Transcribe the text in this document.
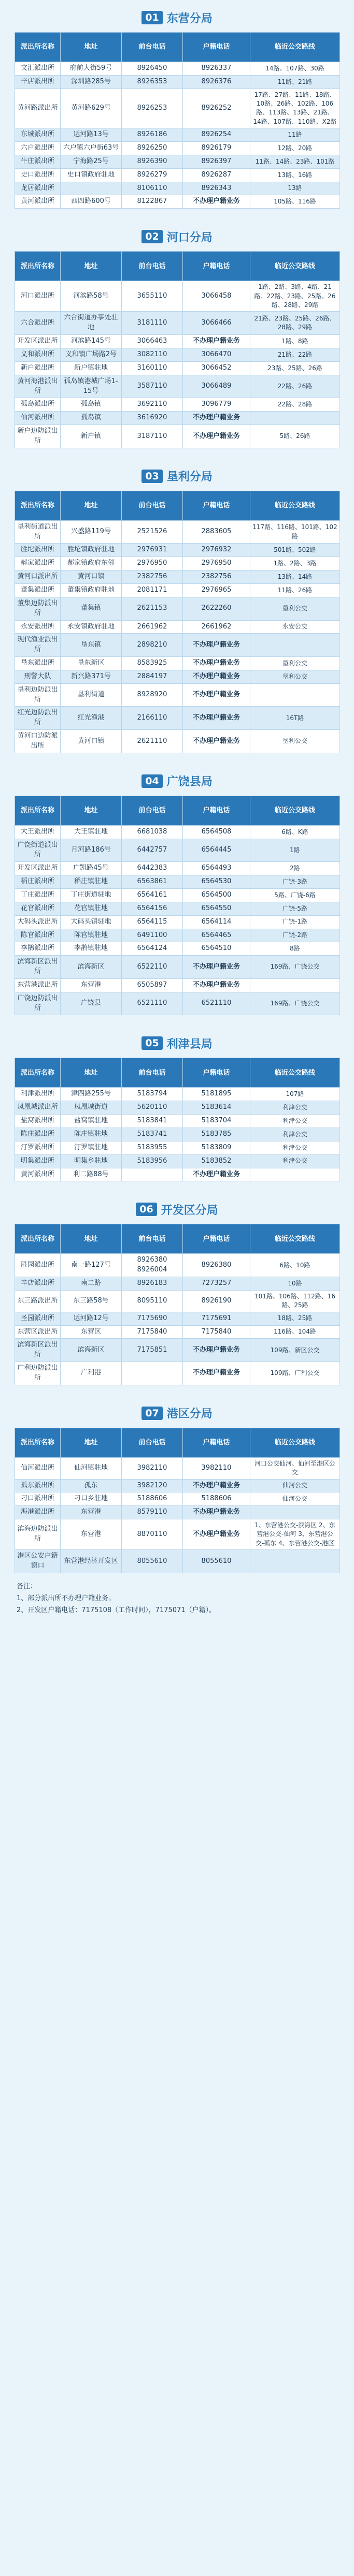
01 东营分局
派出所名称	地址	前台电话	户籍电话	临近公交路线
文汇派出所	府前大街59号	8926450	8926337	14路、107路、30路
辛店派出所	深圳路285号	8926353	8926376	11路、21路
黄河路派出所	黄河路629号	8926253	8926252	17路、27路、11路、18路、10路、26路、102路、106路、113路、13路、21路、14路、107路、110路、X2路
东城派出所	运河路13号	8926186	8926254	11路
六户派出所	六户镇六户街63号	8926250	8926179	12路、20路
牛庄派出所	宁海路25号	8926390	8926397	11路、14路、23路、101路
史口派出所	史口镇政府驻地	8926279	8926287	13路、16路
龙居派出所		8106110	8926343	13路
黄河派出所	西四路600号	8122867	不办理户籍业务	105路、116路
02 河口分局
派出所名称	地址	前台电话	户籍电话	临近公交路线
河口派出所	河滨路58号	3655110	3066458	1路、2路、3路、4路、21路、22路、23路、25路、26路、28路、29路
六合派出所	六合街道办事处驻地	3181110	3066466	21路、23路、25路、26路、28路、29路
开发区派出所	河滨路145号	3066463	不办理户籍业务	1路、8路
义和派出所	义和镇广场路2号	3082110	3066470	21路、22路
新户派出所	新户镇驻地	3160110	3066452	23路、25路、26路
黄河海港派出所	孤岛镇港城广场1-15号	3587110	3066489	22路、26路
孤岛派出所	孤岛镇	3692110	3096779	22路、28路
仙河派出所	孤岛镇	3616920	不办理户籍业务	
新户边防派出所	新户镇	3187110	不办理户籍业务	5路、26路
03 垦利分局
派出所名称	地址	前台电话	户籍电话	临近公交路线
垦利街道派出所	兴盛路119号	2521526	2883605	117路、116路、101路、102路
胜坨派出所	胜坨镇政府驻地	2976931	2976932	501路、502路
郝家派出所	郝家镇政府东邻	2976950	2976950	1路、2路、3路
黄河口派出所	黄河口镇	2382756	2382756	13路、14路
董集派出所	董集镇政府驻地	2081171	2976965	11路、26路
董集边防派出所	董集镇	2621153	2622260	垦利公交
永安派出所	永安镇政府驻地	2661962	2661962	永安公交
现代渔业派出所	垦东镇	2898210	不办理户籍业务	
垦东派出所	垦东新区	8583925	不办理户籍业务	垦利公交
刑警大队	新兴路371号	2884197	不办理户籍业务	垦利公交
垦利边防派出所	垦利街道	8928920	不办理户籍业务	
红光边防派出所	红光渔港	2166110	不办理户籍业务	16T路
黄河口边防派出所	黄河口镇	2621110	不办理户籍业务	垦利公交
04 广饶县局
派出所名称	地址	前台电话	户籍电话	临近公交路线
大王派出所	大王镇驻地	6681038	6564508	6路、K路
广饶街道派出所	月河路186号	6442757	6564445	1路
开发区派出所	广凯路45号	6442383	6564493	2路
稻庄派出所	稻庄镇驻地	6563861	6564530	广饶-3路
丁庄派出所	丁庄街道驻地	6564161	6564500	5路、广饶-6路
花官派出所	花官镇驻地	6564156	6564550	广饶-5路
大码头派出所	大码头镇驻地	6564115	6564114	广饶-1路
陈官派出所	陈官镇驻地	6491100	6564465	广饶-2路
李鹊派出所	李鹊镇驻地	6564124	6564510	8路
滨海新区派出所	滨海新区	6522110	不办理户籍业务	169路、广饶公交
东营港派出所	东营港	6505897	不办理户籍业务	
广饶边防派出所	广饶县	6521110	6521110	169路、广饶公交
05 利津县局
派出所名称	地址	前台电话	户籍电话	临近公交路线
利津派出所	津四路255号	5183794	5181895	107路
凤凰城派出所	凤凰城街道	5620110	5183614	利津公交
盐窝派出所	盐窝镇驻地	5183841	5183704	利津公交
陈庄派出所	陈庄镇驻地	5183741	5183785	利津公交
汀罗派出所	汀罗镇驻地	5183955	5183809	利津公交
明集派出所	明集乡驻地	5183956	5183852	利津公交
黄河派出所	利二路88号		不办理户籍业务	
06 开发区分局
派出所名称	地址	前台电话	户籍电话	临近公交路线
胜园派出所	南一路127号	8926380 8926004	8926380	6路、10路
辛店派出所	南二路	8926183	7273257	10路
东三路派出所	东三路58号	8095110	8926190	101路、106路、112路、16路、25路
圣园派出所	运河路12号	7175690	7175691	18路、25路
东营区派出所	东营区	7175840	7175840	116路、104路
滨海新区派出所	滨海新区	7175851	不办理户籍业务	109路、新区公交
广利边防派出所	广利港		不办理户籍业务	109路、广利公交
07 港区分局
派出所名称	地址	前台电话	户籍电话	临近公交路线
仙河派出所	仙河镇驻地	3982110	3982110	河口公交仙河、仙河至港区公交
孤东派出所	孤东	3982120	不办理户籍业务	仙河公交
刁口派出所	刁口乡驻地	5188606	5188606	仙河公交
海港派出所	东营港	8579110	不办理户籍业务	
滨海边防派出所	东营港	8870110	不办理户籍业务	1、东营港公交-滨海区 2、东营港公交-仙河 3、东营港公交-孤东 4、东营港公交-港区
港区公安户籍窗口	东营港经济开发区	8055610	8055610	
备注：
1、部分派出所不办理户籍业务。
2、开发区户籍电话：7175108（工作时间），7175071（户籍）。
